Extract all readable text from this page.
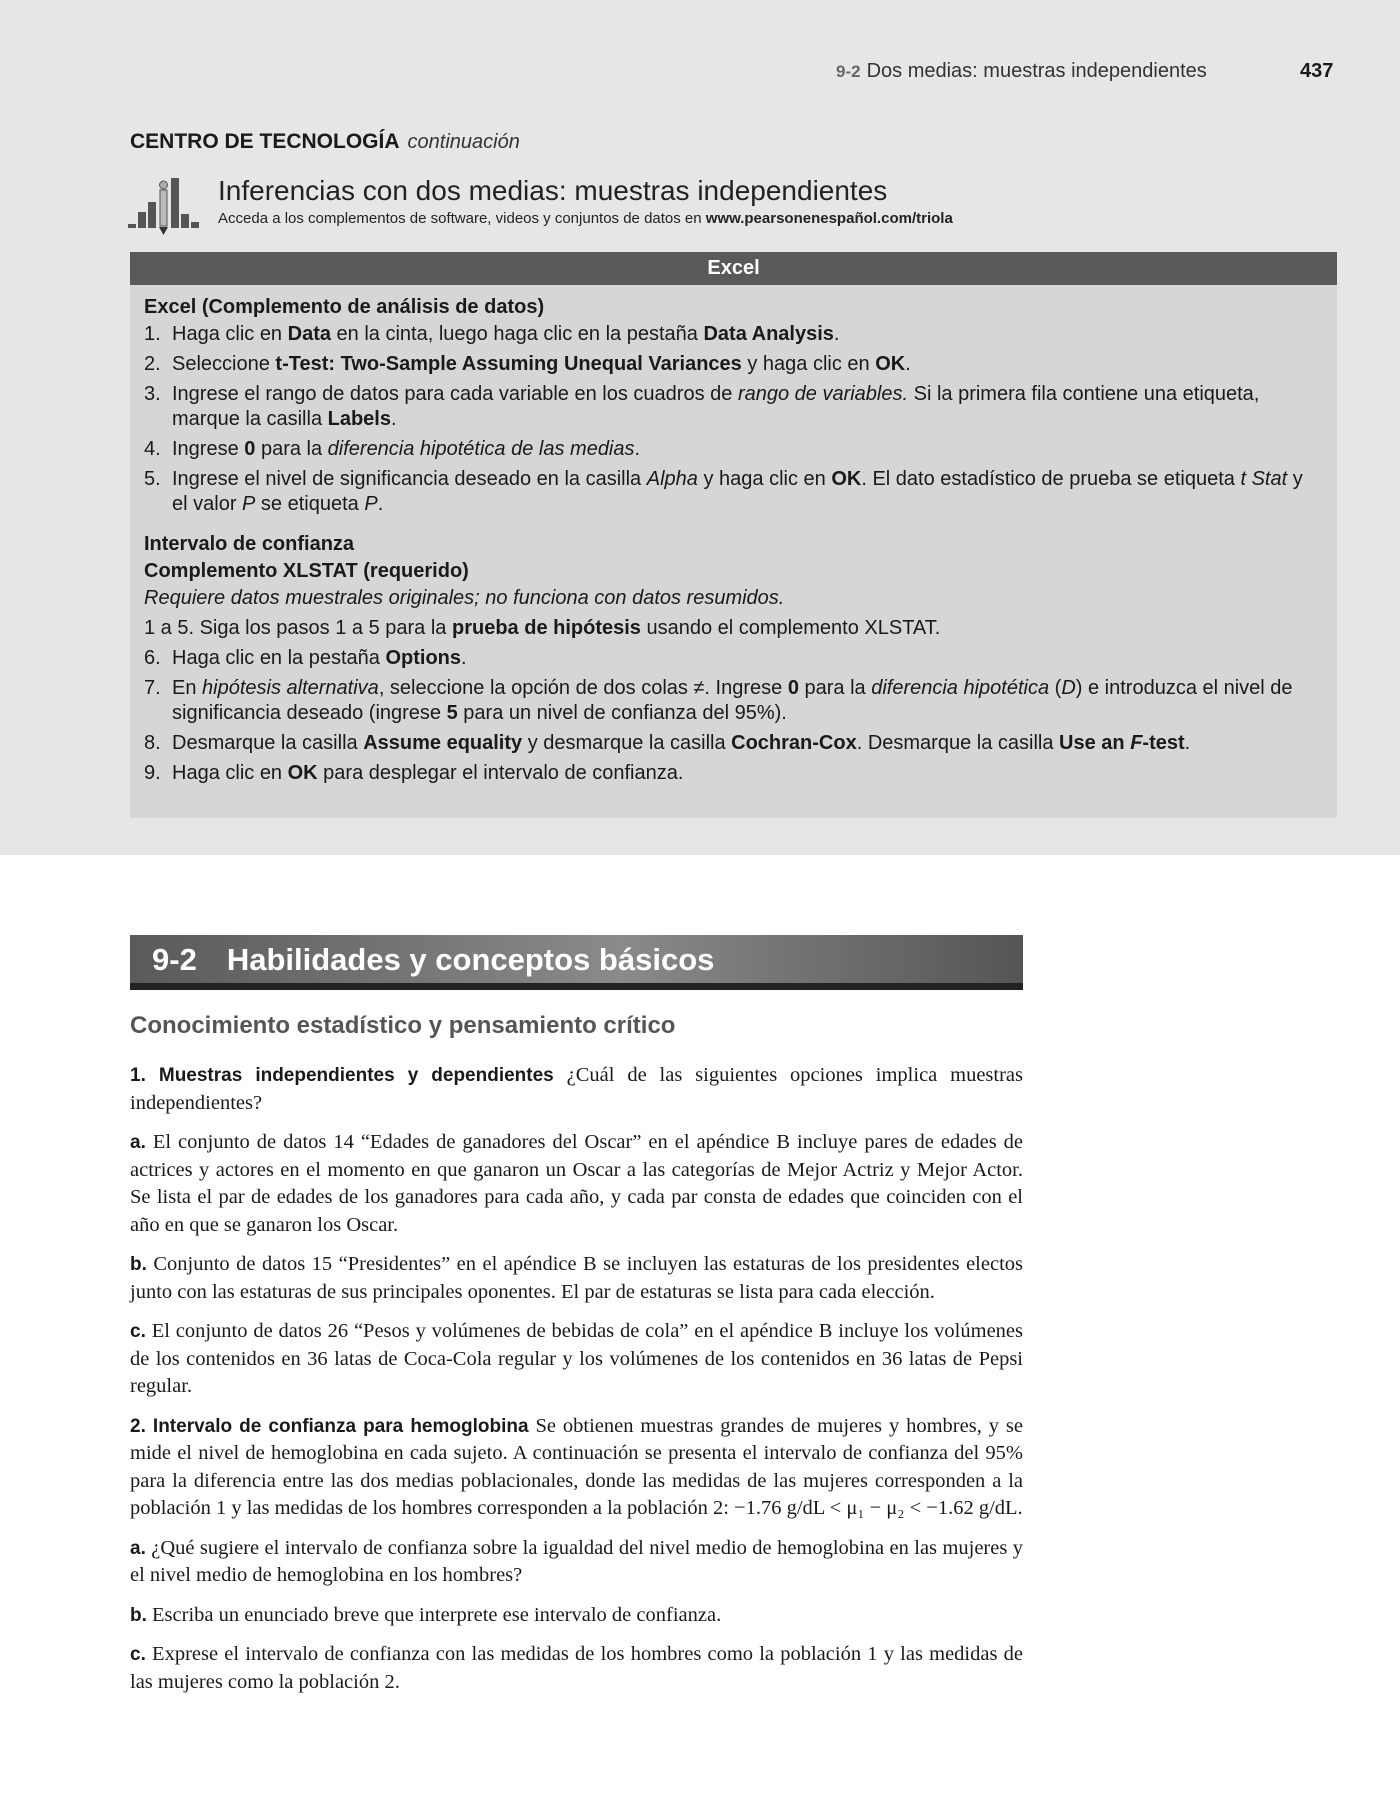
9-2 Dos medias: muestras independientes	437
CENTRO DE TECNOLOGÍA continuación
Inferencias con dos medias: muestras independientes
Acceda a los complementos de software, videos y conjuntos de datos en www.pearsonenespañol.com/triola
Excel
Excel (Complemento de análisis de datos)
1. Haga clic en Data en la cinta, luego haga clic en la pestaña Data Analysis.
2. Seleccione t-Test: Two-Sample Assuming Unequal Variances y haga clic en OK.
3. Ingrese el rango de datos para cada variable en los cuadros de rango de variables. Si la primera fila contiene una etiqueta, marque la casilla Labels.
4. Ingrese 0 para la diferencia hipotética de las medias.
5. Ingrese el nivel de significancia deseado en la casilla Alpha y haga clic en OK. El dato estadístico de prueba se etiqueta t Stat y el valor P se etiqueta P.
Intervalo de confianza
Complemento XLSTAT (requerido)
Requiere datos muestrales originales; no funciona con datos resumidos.
1 a 5. Siga los pasos 1 a 5 para la prueba de hipótesis usando el complemento XLSTAT.
6. Haga clic en la pestaña Options.
7. En hipótesis alternativa, seleccione la opción de dos colas ≠. Ingrese 0 para la diferencia hipotética (D) e introduzca el nivel de significancia deseado (ingrese 5 para un nivel de confianza del 95%).
8. Desmarque la casilla Assume equality y desmarque la casilla Cochran-Cox. Desmarque la casilla Use an F-test.
9. Haga clic en OK para desplegar el intervalo de confianza.
9-2 Habilidades y conceptos básicos
Conocimiento estadístico y pensamiento crítico

1. Muestras independientes y dependientes ¿Cuál de las siguientes opciones implica muestras independientes?

a. El conjunto de datos 14 “Edades de ganadores del Oscar” en el apéndice B incluye pares de edades de actrices y actores en el momento en que ganaron un Oscar a las categorías de Mejor Actriz y Mejor Actor. Se lista el par de edades de los ganadores para cada año, y cada par consta de edades que coinciden con el año en que se ganaron los Oscar.

b. Conjunto de datos 15 “Presidentes” en el apéndice B se incluyen las estaturas de los presidentes electos junto con las estaturas de sus principales oponentes. El par de estaturas se lista para cada elección.

c. El conjunto de datos 26 “Pesos y volúmenes de bebidas de cola” en el apéndice B incluye los volúmenes de los contenidos en 36 latas de Coca-Cola regular y los volúmenes de los contenidos en 36 latas de Pepsi regular.

2. Intervalo de confianza para hemoglobina Se obtienen muestras grandes de mujeres y hombres, y se mide el nivel de hemoglobina en cada sujeto. A continuación se presenta el intervalo de confianza del 95% para la diferencia entre las dos medias poblacionales, donde las medidas de las mujeres corresponden a la población 1 y las medidas de los hombres corresponden a la población 2: −1.76 g/dL < μ₁ − μ₂ < −1.62 g/dL.

a. ¿Qué sugiere el intervalo de confianza sobre la igualdad del nivel medio de hemoglobina en las mujeres y el nivel medio de hemoglobina en los hombres?

b. Escriba un enunciado breve que interprete ese intervalo de confianza.

c. Exprese el intervalo de confianza con las medidas de los hombres como la población 1 y las medidas de las mujeres como la población 2.
